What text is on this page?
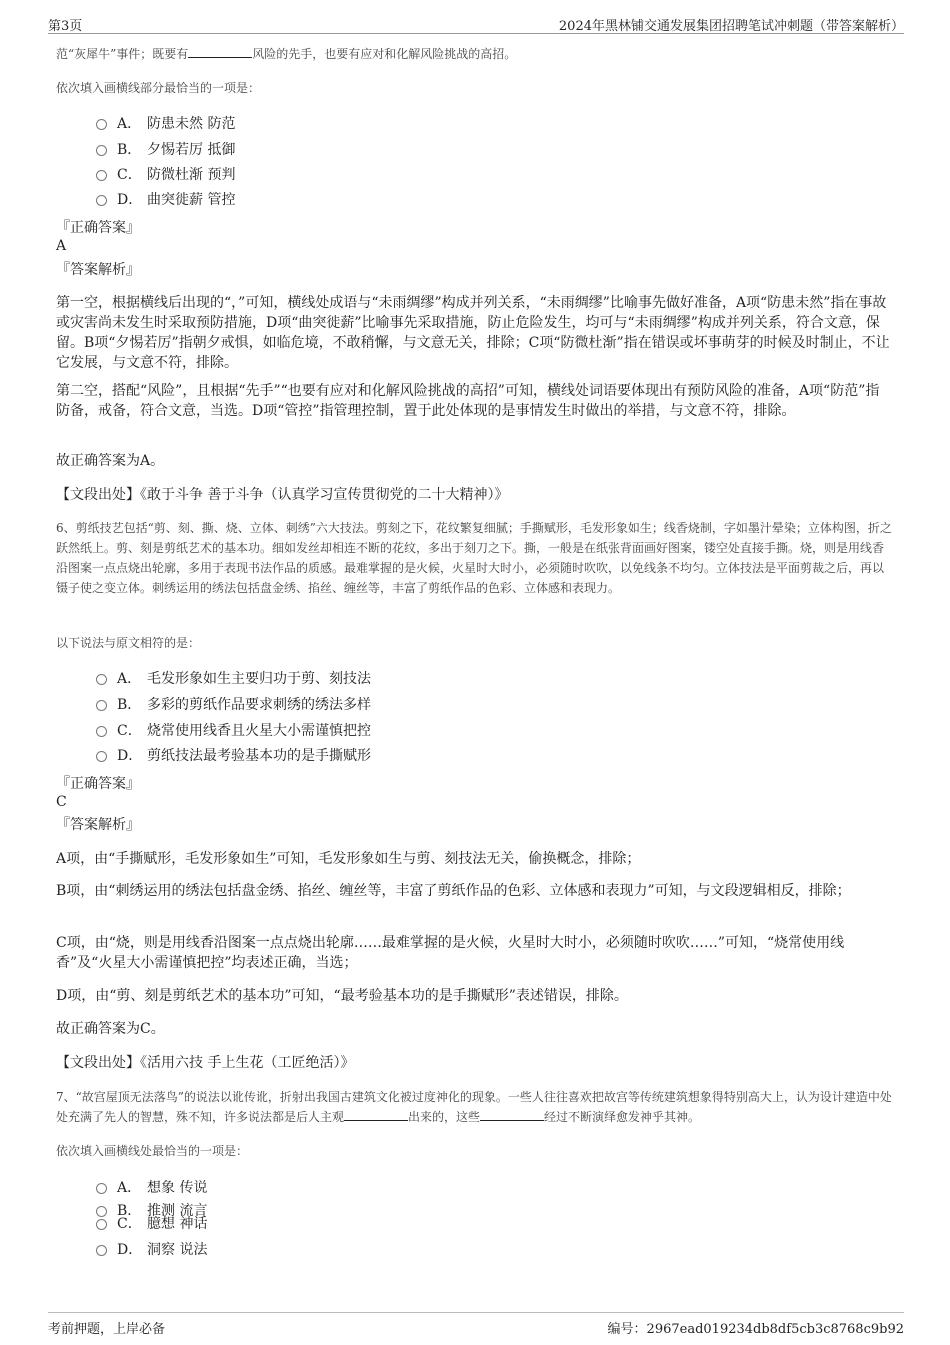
第3页	2024年黑林铺交通发展集团招聘笔试冲刺题（带答案解析）
范“灰犀牛”事件；既要有	风险的先手，也要有应对和化解风险挑战的高招。
依次填入画横线部分最恰当的一项是：
A． 防患未然 防范
B． 夕惕若厉 抵御
C． 防微杜渐 预判
D． 曲突徙薪 管控
『正确答案』
A
『答案解析』
第一空，根据横线后出现的“，”可知，横线处成语与“未雨绸缪”构成并列关系，“未雨绸缪”比喻事先做好准备，A项“防患未然”指在事故或灾害尚未发生时采取预防措施，D项“曲突徙薪”比喻事先采取措施，防止危险发生，均可与“未雨绸缪”构成并列关系，符合文意，保留。B项“夕惕若厉”指朝夕戒惧，如临危境，不敢稍懈，与文意无关，排除；C项“防微杜渐”指在错误或坏事萌芽的时候及时制止，不让它发展，与文意不符，排除。
第二空，搭配“风险”，且根据“先手”“也要有应对和化解风险挑战的高招”可知，横线处词语要体现出有预防风险的准备，A项“防范”指防备，戒备，符合文意，当选。D项“管控”指管理控制，置于此处体现的是事情发生时做出的举措，与文意不符，排除。
故正确答案为A。
【文段出处】《敢于斗争 善于斗争（认真学习宣传贯彻党的二十大精神）》
6、剪纸技艺包括“剪、刻、撕、烧、立体、刺绣”六大技法。剪刻之下，花纹繁复细腻；手撕赋形，毛发形象如生；线香烧制，字如墨汁晕染；立体构图，折之跃然纸上。剪、刻是剪纸艺术的基本功。细如发丝却相连不断的花纹，多出于刻刀之下。撕，一般是在纸张背面画好图案，镂空处直接手撕。烧，则是用线香沿图案一点点烧出轮廓，多用于表现书法作品的质感。最难掌握的是火候，火星时大时小，必须随时吹吹，以免线条不均匀。立体技法是平面剪裁之后，再以镊子使之变立体。刺绣运用的绣法包括盘金绣、掐丝、缠丝等，丰富了剪纸作品的色彩、立体感和表现力。
以下说法与原文相符的是：
A． 毛发形象如生主要归功于剪、刻技法
B． 多彩的剪纸作品要求刺绣的绣法多样
C． 烧常使用线香且火星大小需谨慎把控
D． 剪纸技法最考验基本功的是手撕赋形
『正确答案』
C
『答案解析』
A项，由“手撕赋形，毛发形象如生”可知，毛发形象如生与剪、刻技法无关，偷换概念，排除；
B项，由“刺绣运用的绣法包括盘金绣、掐丝、缠丝等，丰富了剪纸作品的色彩、立体感和表现力”可知，与文段逻辑相反，排除；
C项，由“烧，则是用线香沿图案一点点烧出轮廓……最难掌握的是火候，火星时大时小，必须随时吹吹……”可知，“烧常使用线香”及“火星大小需谨慎把控”均表述正确，当选；
D项，由“剪、刻是剪纸艺术的基本功”可知，“最考验基本功的是手撕赋形”表述错误，排除。
故正确答案为C。
【文段出处】《活用六技 手上生花（工匠绝活）》
7、“故宫屋顶无法落鸟”的说法以讹传讹，折射出我国古建筑文化被过度神化的现象。一些人往往喜欢把故宫等传统建筑想象得特别高大上，认为设计建造中处处充满了先人的智慧，殊不知，许多说法都是后人主观	出来的，这些	经过不断演绎愈发神乎其神。
依次填入画横线处最恰当的一项是：
A． 想象 传说
B． 推测 流言
C． 臆想 神话
D． 洞察 说法
考前押题，上岸必备	编号：2967ead019234db8df5cb3c8768c9b92
